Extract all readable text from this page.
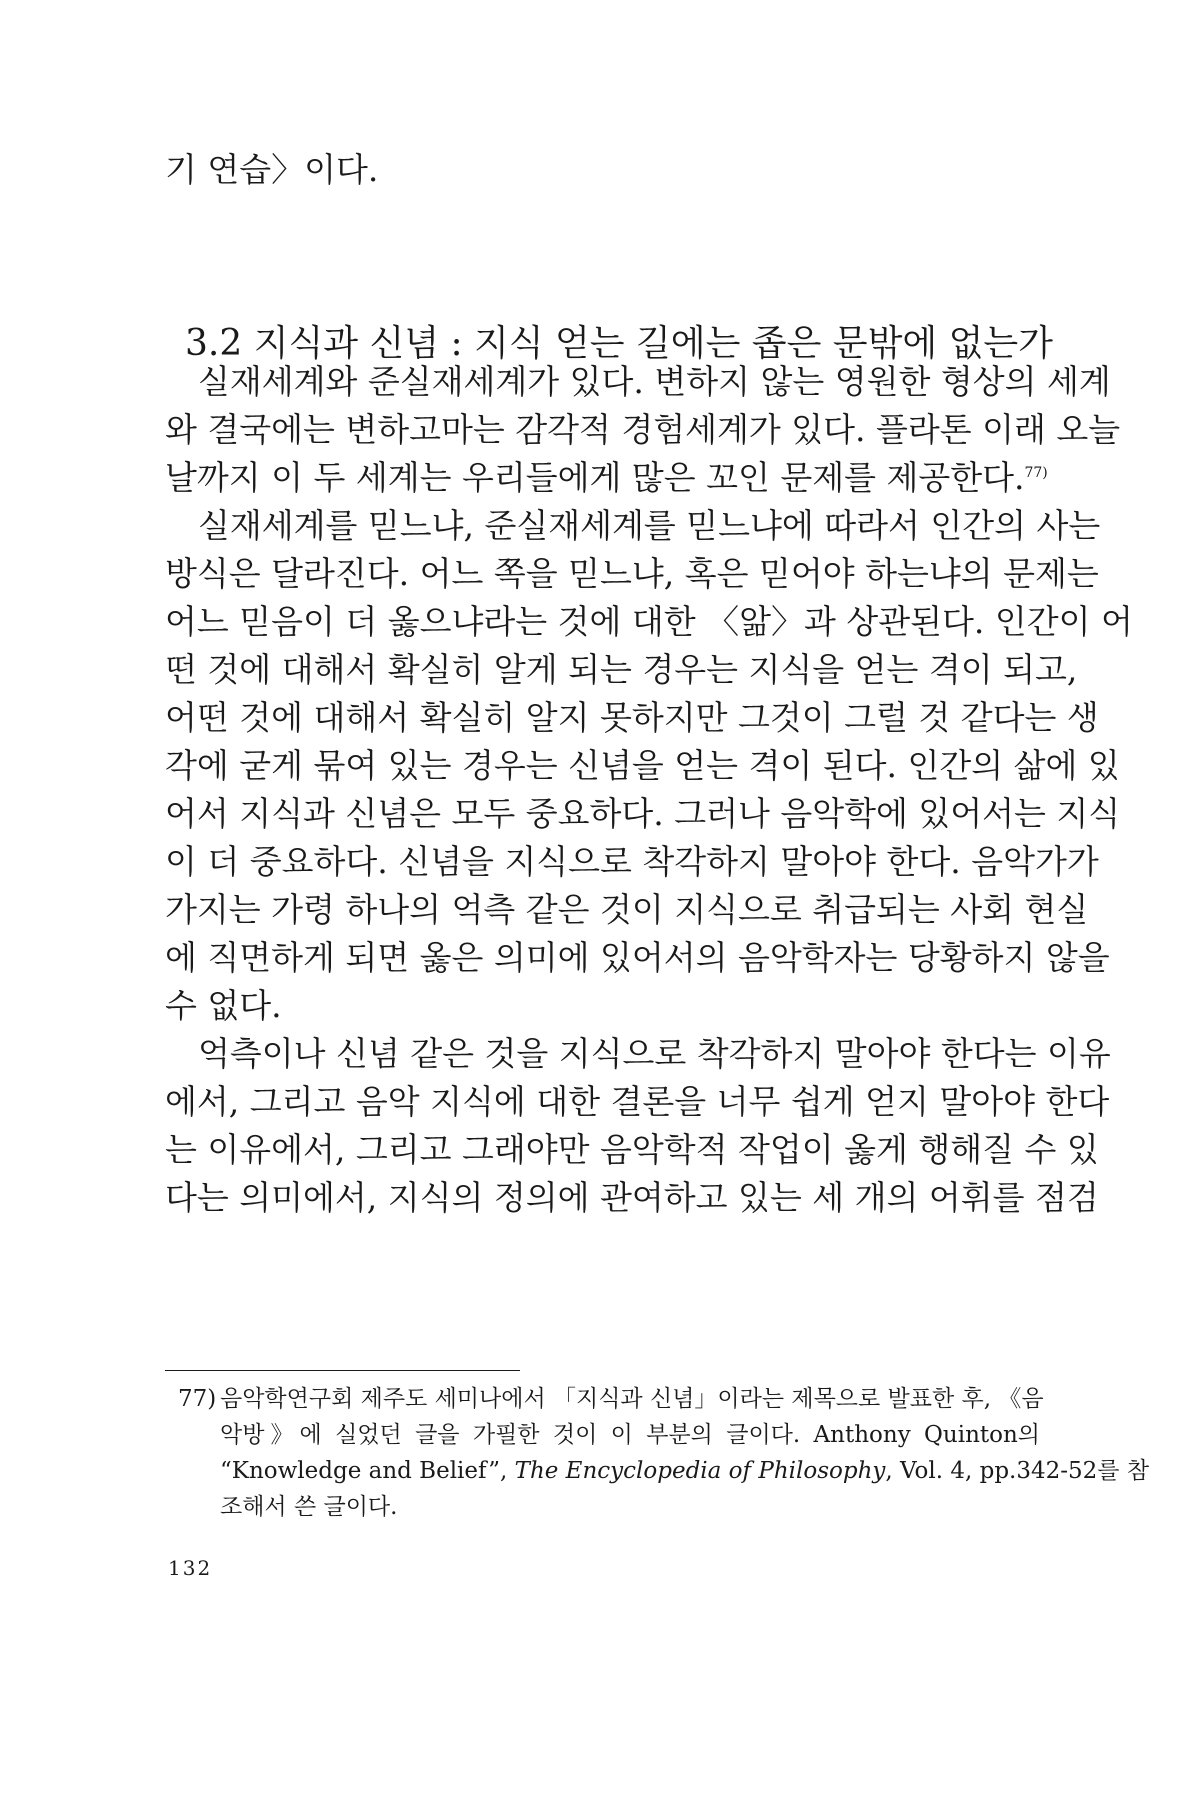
기 연습〉이다.
3.2 지식과 신념 : 지식 얻는 길에는 좁은 문밖에 없는가
실재세계와 준실재세계가 있다. 변하지 않는 영원한 형상의 세계
와 결국에는 변하고마는 감각적 경험세계가 있다. 플라톤 이래 오늘
날까지 이 두 세계는 우리들에게 많은 꼬인 문제를 제공한다.$^{77)}$
실재세계를 믿느냐, 준실재세계를 믿느냐에 따라서 인간의 사는
방식은 달라진다. 어느 쪽을 믿느냐, 혹은 믿어야 하는냐의 문제는
어느 믿음이 더 옳으냐라는 것에 대한 〈앎〉과 상관된다. 인간이 어
떤 것에 대해서 확실히 알게 되는 경우는 지식을 얻는 격이 되고,
어떤 것에 대해서 확실히 알지 못하지만 그것이 그럴 것 같다는 생
각에 굳게 묶여 있는 경우는 신념을 얻는 격이 된다. 인간의 삶에 있
어서 지식과 신념은 모두 중요하다. 그러나 음악학에 있어서는 지식
이 더 중요하다. 신념을 지식으로 착각하지 말아야 한다. 음악가가
가지는 가령 하나의 억측 같은 것이 지식으로 취급되는 사회 현실
에 직면하게 되면 옳은 의미에 있어서의 음악학자는 당황하지 않을
수 없다.
억측이나 신념 같은 것을 지식으로 착각하지 말아야 한다는 이유
에서, 그리고 음악 지식에 대한 결론을 너무 쉽게 얻지 말아야 한다
는 이유에서, 그리고 그래야만 음악학적 작업이 옳게 행해질 수 있
다는 의미에서, 지식의 정의에 관여하고 있는 세 개의 어휘를 점검
77) 음악학연구회 제주도 세미나에서 「지식과 신념」이라는 제목으로 발표한 후, 《음
악방》에 실었던 글을 가필한 것이 이 부분의 글이다. Anthony Quinton의
“Knowledge and Belief”, The Encyclopedia of Philosophy, Vol. 4, pp.342-52를 참
조해서 쓴 글이다.
132
